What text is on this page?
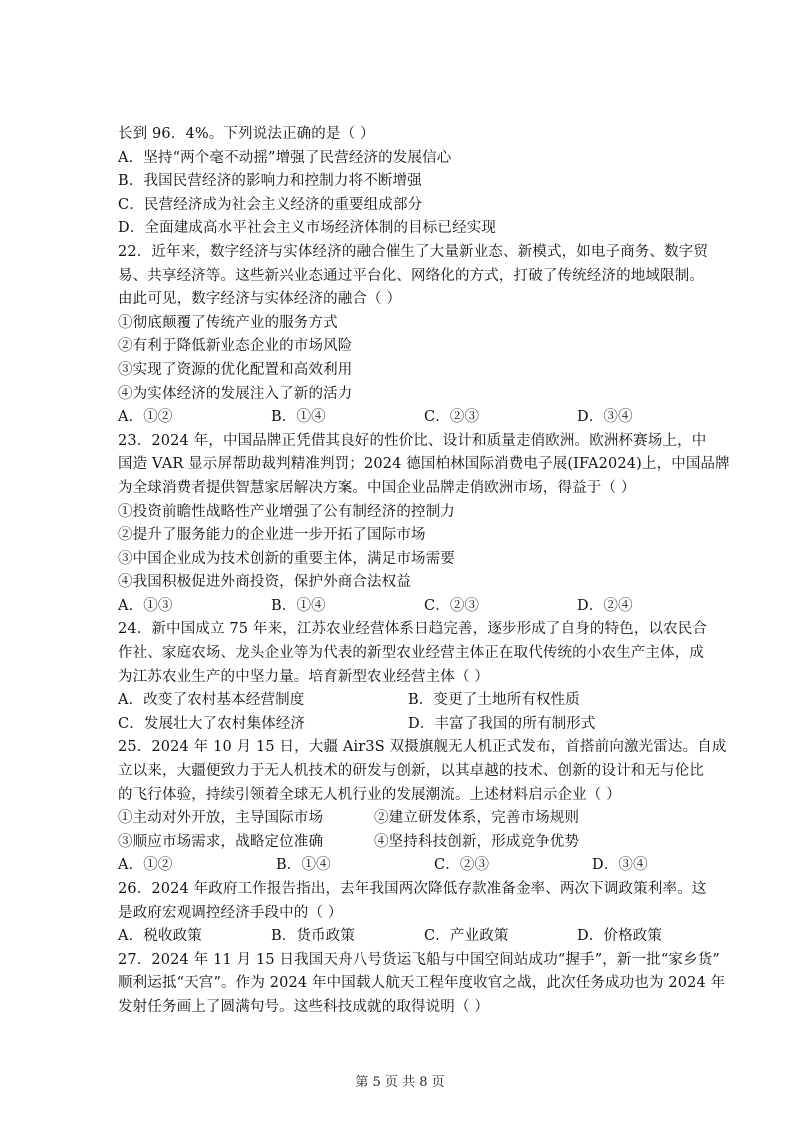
长到 96．4%。下列说法正确的是（ ）
A．坚持“两个毫不动摇”增强了民营经济的发展信心
B．我国民营经济的影响力和控制力将不断增强
C．民营经济成为社会主义经济的重要组成部分
D．全面建成高水平社会主义市场经济体制的目标已经实现
22．近年来，数字经济与实体经济的融合催生了大量新业态、新模式，如电子商务、数字贸
易、共享经济等。这些新兴业态通过平台化、网络化的方式，打破了传统经济的地域限制。
由此可见，数字经济与实体经济的融合（ ）
①彻底颠覆了传统产业的服务方式
②有利于降低新业态企业的市场风险
③实现了资源的优化配置和高效利用
④为实体经济的发展注入了新的活力
A．①②	B．①④	C．②③	D．③④
23．2024 年，中国品牌正凭借其良好的性价比、设计和质量走俏欧洲。欧洲杯赛场上，中
国造 VAR 显示屏帮助裁判精准判罚；2024 德国柏林国际消费电子展(IFA2024)上，中国品牌
为全球消费者提供智慧家居解决方案。中国企业品牌走俏欧洲市场，得益于（ ）
①投资前瞻性战略性产业增强了公有制经济的控制力
②提升了服务能力的企业进一步开拓了国际市场
③中国企业成为技术创新的重要主体，满足市场需要
④我国积极促进外商投资，保护外商合法权益
A．①③	B．①④	C．②③	D．②④
24．新中国成立 75 年来，江苏农业经营体系日趋完善，逐步形成了自身的特色，以农民合
作社、家庭农场、龙头企业等为代表的新型农业经营主体正在取代传统的小农生产主体，成
为江苏农业生产的中坚力量。培育新型农业经营主体（ ）
A．改变了农村基本经营制度	B．变更了土地所有权性质
C．发展壮大了农村集体经济	D．丰富了我国的所有制形式
25．2024 年 10 月 15 日，大疆 Air3S 双摄旗舰无人机正式发布，首搭前向激光雷达。自成
立以来，大疆便致力于无人机技术的研发与创新，以其卓越的技术、创新的设计和无与伦比
的飞行体验，持续引领着全球无人机行业的发展潮流。上述材料启示企业（ ）
①主动对外开放，主导国际市场	②建立研发体系，完善市场规则
③顺应市场需求，战略定位准确	④坚持科技创新，形成竞争优势
A．①②	B．①④	C．②③	D．③④
26．2024 年政府工作报告指出，去年我国两次降低存款准备金率、两次下调政策利率。这
是政府宏观调控经济手段中的（ ）
A．税收政策	B．货币政策	C．产业政策	D．价格政策
27．2024 年 11 月 15 日我国天舟八号货运飞船与中国空间站成功“握手”，新一批“家乡货”
顺利运抵“天宫”。作为 2024 年中国载人航天工程年度收官之战，此次任务成功也为 2024 年
发射任务画上了圆满句号。这些科技成就的取得说明（ ）
第 5 页 共 8 页
